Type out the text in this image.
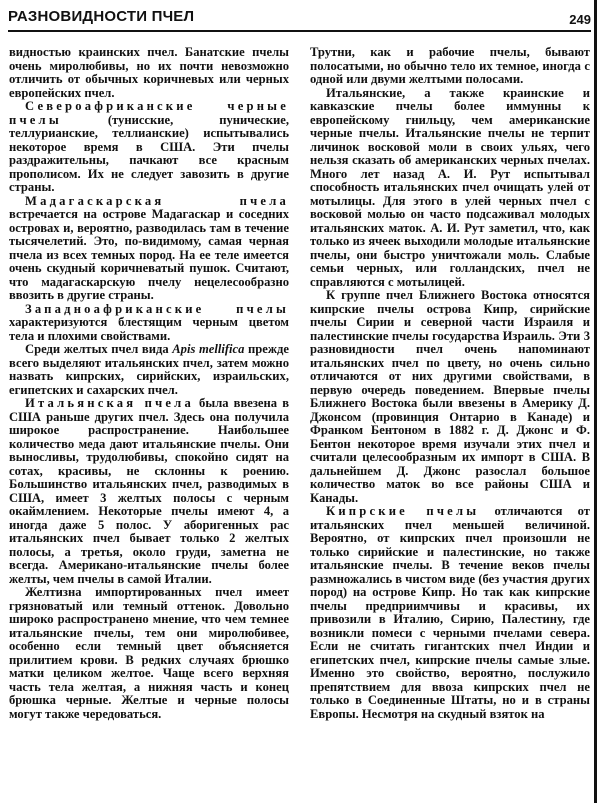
РАЗНОВИДНОСТИ ПЧЕЛ	249

видностью краинских пчел. Банатские пчелы очень миролюбивы, но их почти невозможно отличить от обычных коричневых или черных европейских пчел.

Североафриканские черные пчелы (тунисские, пунические, теллурианские, теллианские) испытывались некоторое время в США. Эти пчелы раздражительны, пачкают все красным прополисом. Их не следует завозить в другие страны.

Мадагаскарская пчела встречается на острове Мадагаскар и соседних островах и, вероятно, разводилась там в течение тысячелетий. Это, по-видимому, самая черная пчела из всех темных пород. На ее теле имеется очень скудный коричневатый пушок. Считают, что мадагаскарскую пчелу нецелесообразно ввозить в другие страны.

Западноафриканские пчелы характеризуются блестящим черным цветом тела и плохими свойствами.

Среди желтых пчел вида Apis mellifica прежде всего выделяют итальянских пчел, затем можно назвать кипрских, сирийских, израильских, египетских и сахарских пчел.

Итальянская пчела была ввезена в США раньше других пчел. Здесь она получила широкое распространение. Наибольшее количество меда дают итальянские пчелы. Они выносливы, трудолюбивы, спокойно сидят на сотах, красивы, не склонны к роению. Большинство итальянских пчел, разводимых в США, имеет 3 желтых полосы с черным окаймлением. Некоторые пчелы имеют 4, а иногда даже 5 полос. У аборигенных рас итальянских пчел бывает только 2 желтых полосы, а третья, около груди, заметна не всегда. Американо-итальянские пчелы более желты, чем пчелы в самой Италии.

Желтизна импортированных пчел имеет грязноватый или темный оттенок. Довольно широко распространено мнение, что чем темнее итальянские пчелы, тем они миролюбивее, особенно если темный цвет объясняется прилитием крови. В редких случаях брюшко матки целиком желтое. Чаще всего верхняя часть тела желтая, а нижняя часть и конец брюшка черные. Желтые и черные полосы могут также чередоваться.

Трутни, как и рабочие пчелы, бывают полосатыми, но обычно тело их темное, иногда с одной или двуми желтыми полосами.

Итальянские, а также краинские и кавказские пчелы более иммунны к европейскому гнильцу, чем американские черные пчелы. Итальянские пчелы не терпит личинок восковой моли в своих ульях, чего нельзя сказать об американских черных пчелах. Много лет назад А. И. Рут испытывал способность итальянских пчел очищать улей от мотылицы. Для этого в улей черных пчел с восковой молью он часто подсаживал молодых итальянских маток. А. И. Рут заметил, что, как только из ячеек выходили молодые итальянские пчелы, они быстро уничтожали моль. Слабые семьи черных, или голландских, пчел не справляются с мотылицей.

К группе пчел Ближнего Востока относятся кипрские пчелы острова Кипр, сирийские пчелы Сирии и северной части Израиля и палестинские пчелы государства Израиль. Эти 3 разновидности пчел очень напоминают итальянских пчел по цвету, но очень сильно отличаются от них другими свойствами, в первую очередь поведением. Впервые пчелы Ближнего Востока были ввезены в Америку Д. Джонсом (провинция Онтарио в Канаде) и Франком Бентоном в 1882 г. Д. Джонс и Ф. Бентон некоторое время изучали этих пчел и считали целесообразным их импорт в США. В дальнейшем Д. Джонс разослал большое количество маток во все районы США и Канады.

Кипрские пчелы отличаются от итальянских пчел меньшей величиной. Вероятно, от кипрских пчел произошли не только сирийские и палестинские, но также итальянские пчелы. В течение веков пчелы размножались в чистом виде (без участия других пород) на острове Кипр. Но так как кипрские пчелы предприимчивы и красивы, их привозили в Италию, Сирию, Палестину, где возникли помеси с черными пчелами севера. Если не считать гигантских пчел Индии и египетских пчел, кипрские пчелы самые злые. Именно это свойство, вероятно, послужило препятствием для ввоза кипрских пчел не только в Соединенные Штаты, но и в страны Европы. Несмотря на скудный взяток на
